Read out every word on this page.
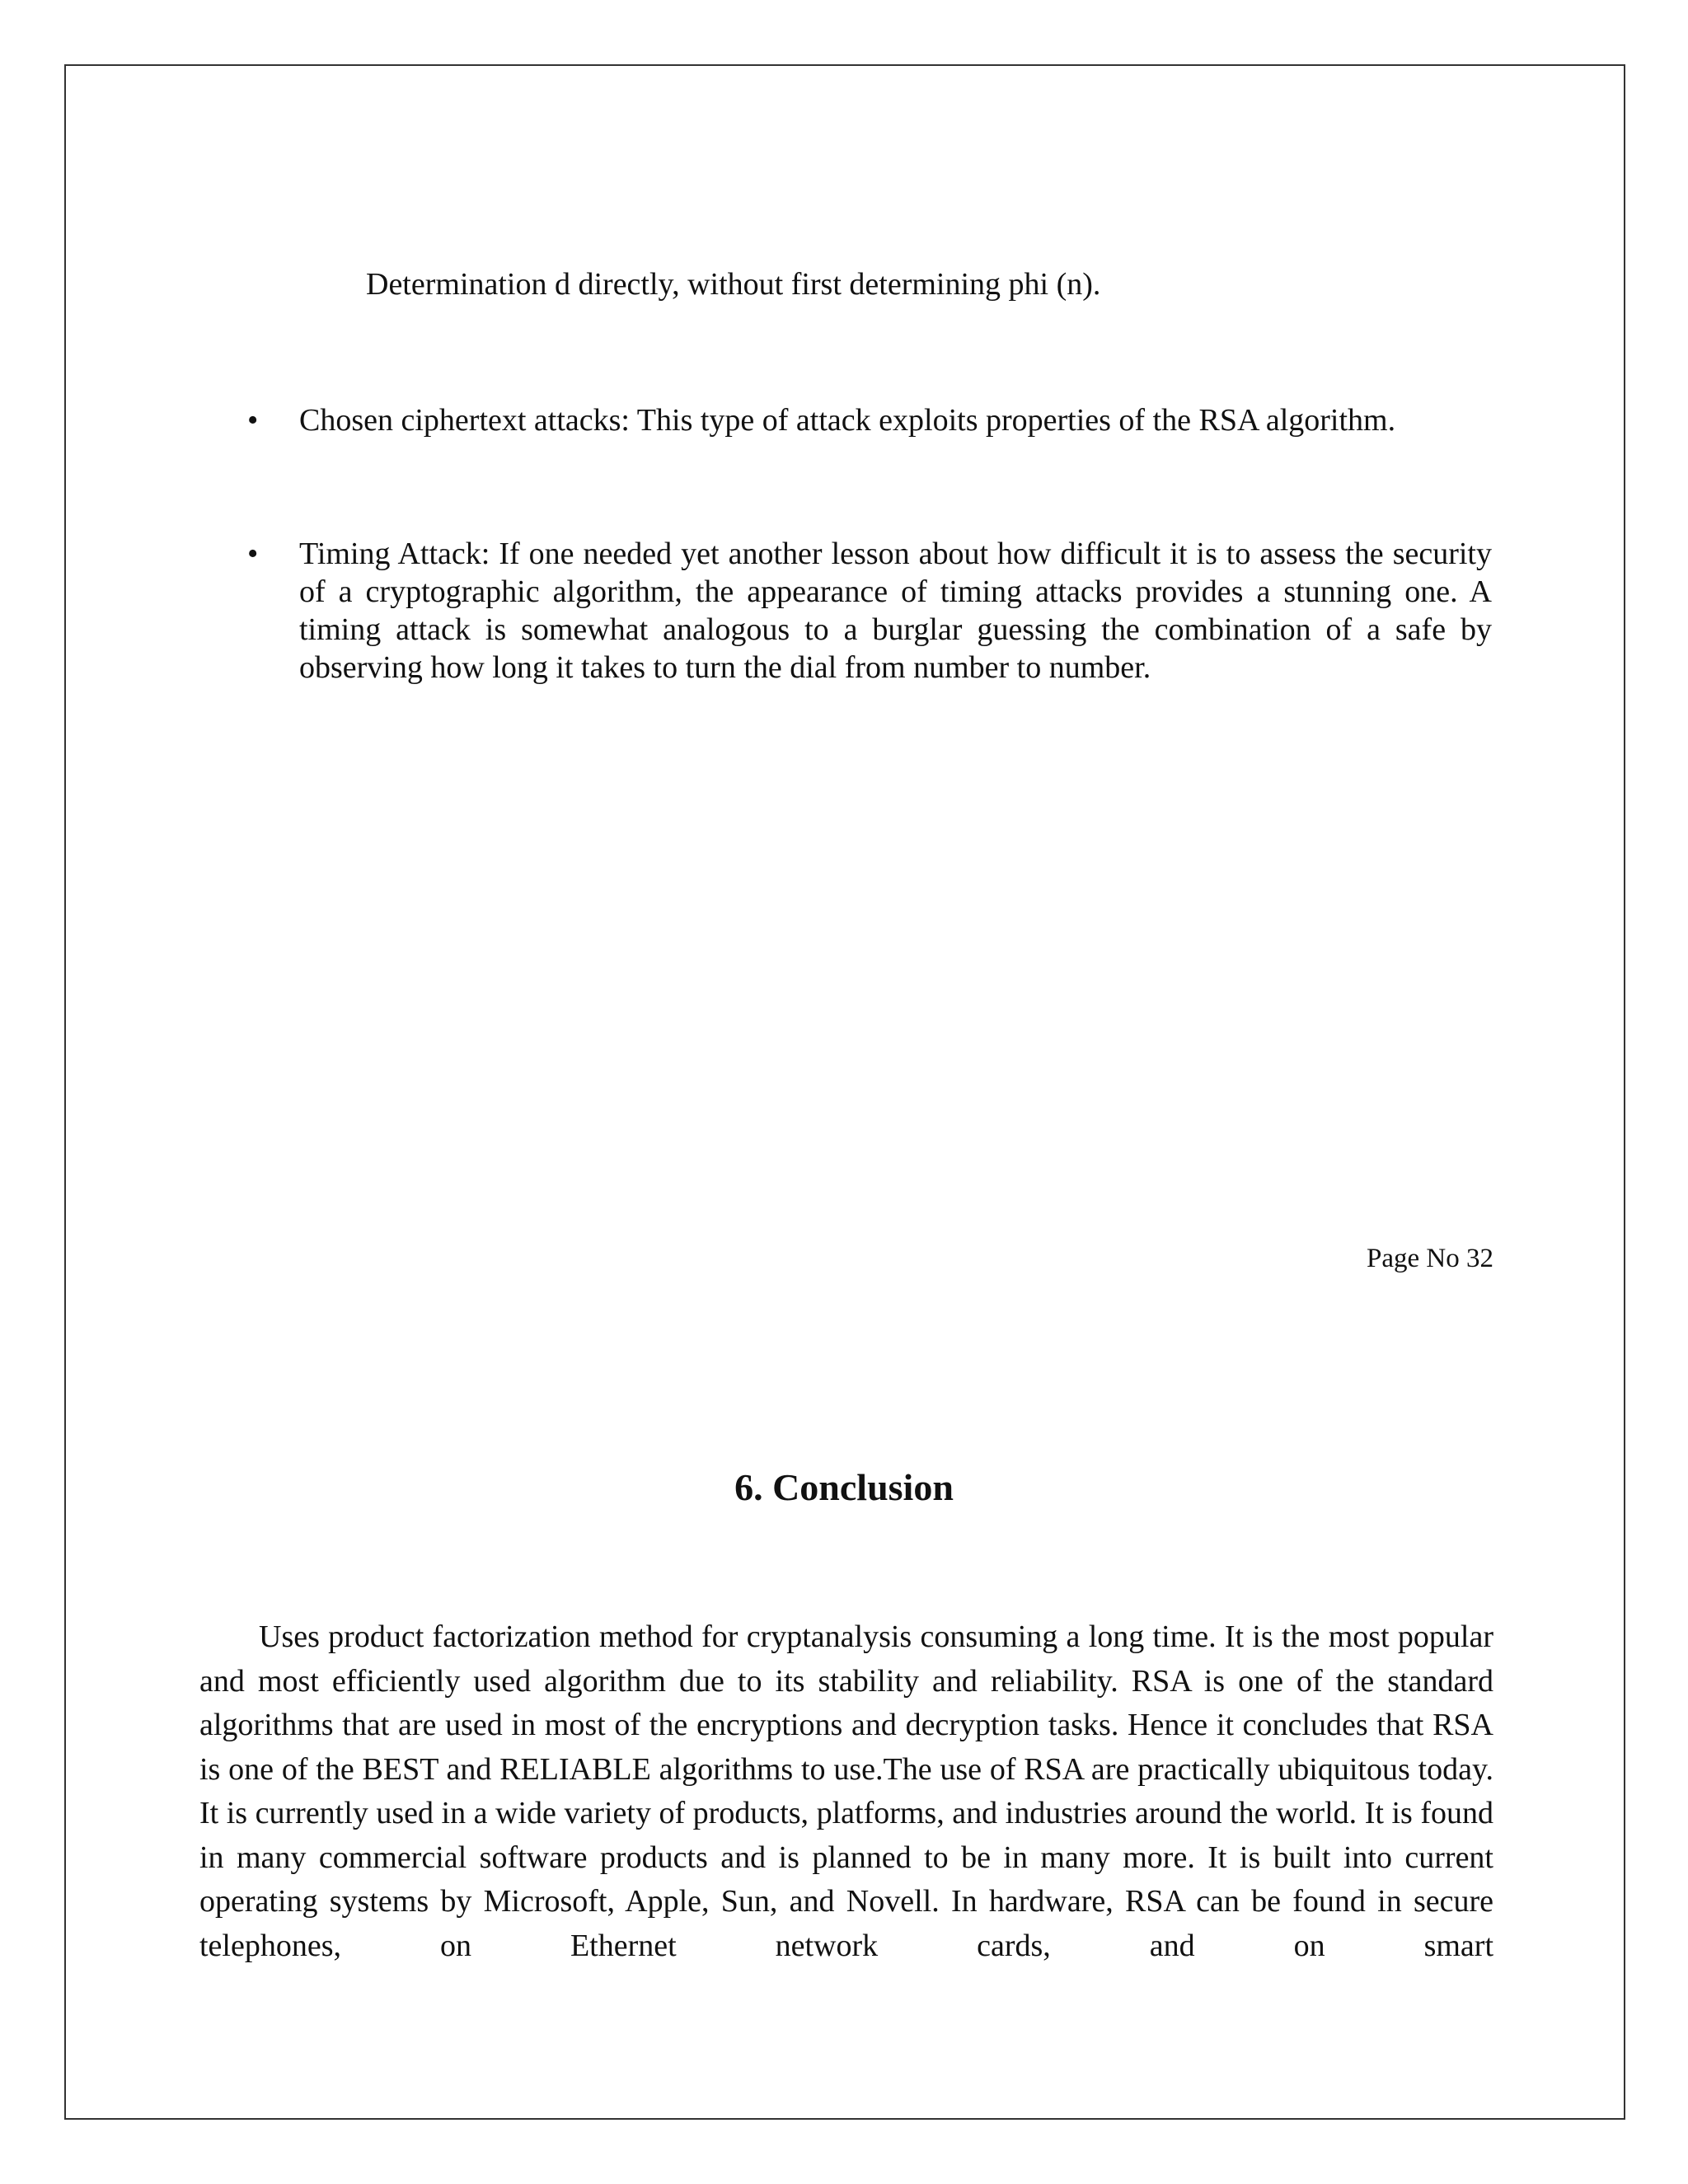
Determination d directly, without first determining phi (n).
• Chosen ciphertext attacks: This type of attack exploits properties of the RSA algorithm.
• Timing Attack: If one needed yet another lesson about how difficult it is to assess the security of a cryptographic algorithm, the appearance of timing attacks provides a stunning one. A timing attack is somewhat analogous to a burglar guessing the combination of a safe by observing how long it takes to turn the dial from number to number.
Page No 32
6. Conclusion

Uses product factorization method for cryptanalysis consuming a long time. It is the most popular and most efficiently used algorithm due to its stability and reliability. RSA is one of the standard algorithms that are used in most of the encryptions and decryption tasks. Hence it concludes that RSA is one of the BEST and RELIABLE algorithms to use.The use of RSA are practically ubiquitous today. It is currently used in a wide variety of products, platforms, and industries around the world. It is found in many commercial software products and is planned to be in many more. It is built into current operating systems by Microsoft, Apple, Sun, and Novell. In hardware, RSA can be found in secure telephones, on Ethernet network cards, and on smart
